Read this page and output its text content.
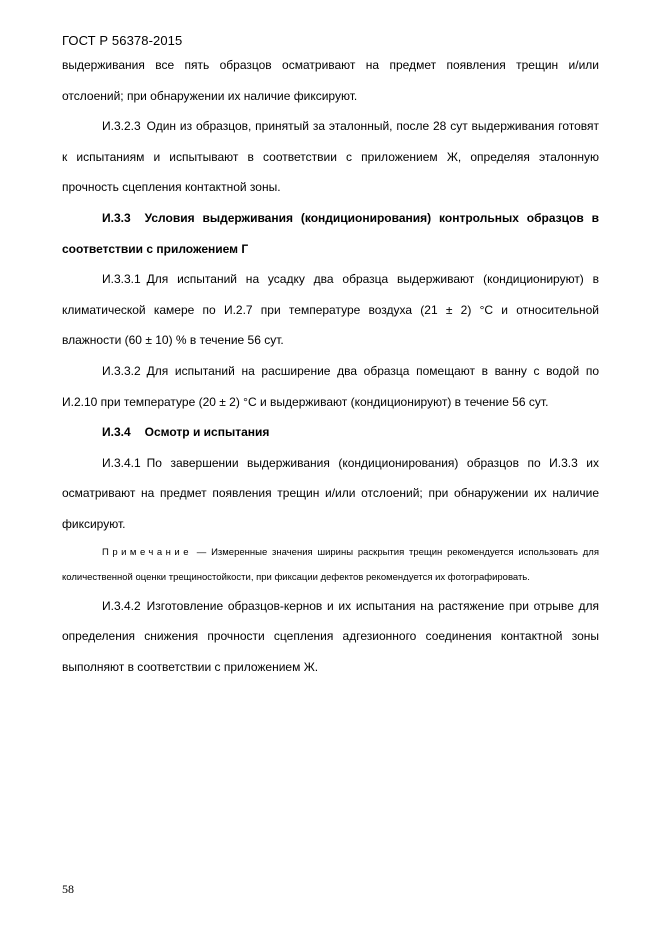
ГОСТ Р 56378-2015

выдерживания все пять образцов осматривают на предмет появления трещин и/или отслоений; при обнаружении их наличие фиксируют.

И.3.2.3 Один из образцов, принятый за эталонный, после 28 сут выдерживания готовят к испытаниям и испытывают в соответствии с приложением Ж, определяя эталонную прочность сцепления контактной зоны.

И.3.3 Условия выдерживания (кондиционирования) контрольных образцов в соответствии с приложением Г

И.3.3.1 Для испытаний на усадку два образца выдерживают (кондиционируют) в климатической камере по И.2.7 при температуре воздуха (21 ± 2) °С и относительной влажности (60 ± 10) % в течение 56 сут.

И.3.3.2 Для испытаний на расширение два образца помещают в ванну с водой по И.2.10 при температуре (20 ± 2) °С и выдерживают (кондиционируют) в течение 56 сут.

И.3.4 Осмотр и испытания

И.3.4.1 По завершении выдерживания (кондиционирования) образцов по И.3.3 их осматривают на предмет появления трещин и/или отслоений; при обнаружении их наличие фиксируют.

Примечание — Измеренные значения ширины раскрытия трещин рекомендуется использовать для количественной оценки трещиностойкости, при фиксации дефектов рекомендуется их фотографировать.

И.3.4.2 Изготовление образцов-кернов и их испытания на растяжение при отрыве для определения снижения прочности сцепления адгезионного соединения контактной зоны выполняют в соответствии с приложением Ж.

58
